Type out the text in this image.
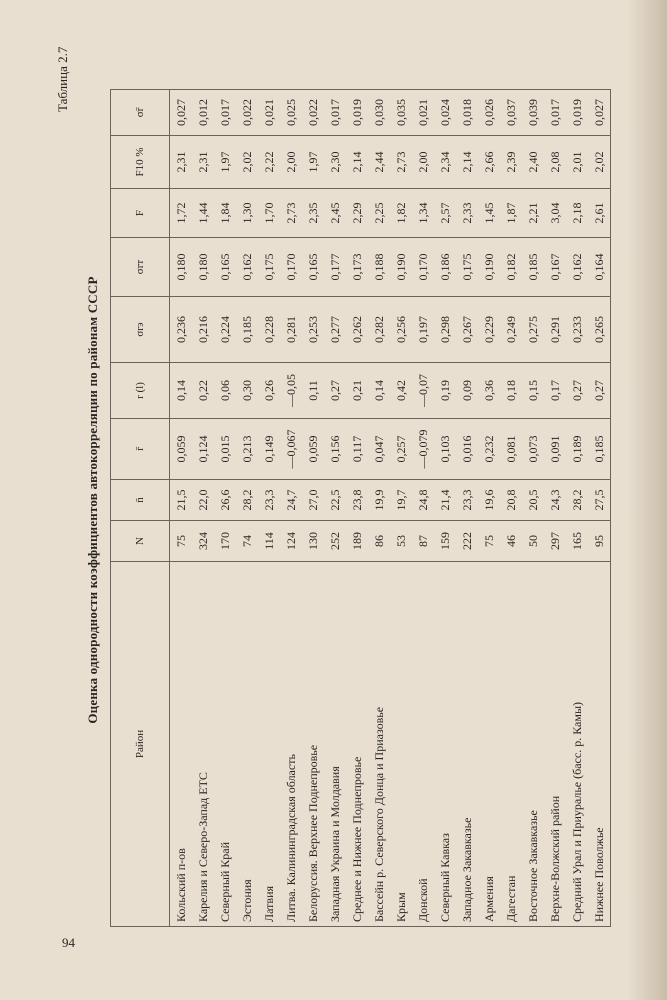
94
Таблица 2.7
Оценка однородности коэффициентов автокорреляции по районам СССР
Район	N	n̄	r̄	r (l)	σrэ	σrт	F	F10 %	σr̄
Кольский п-ов	75	21,5	0,059	0,14	0,236	0,180	1,72	2,31	0,027
Карелия и Северо-Запад ЕТС	324	22,0	0,124	0,22	0,216	0,180	1,44	2,31	0,012
Северный Край	170	26,6	0,015	0,06	0,224	0,165	1,84	1,97	0,017
Эстония	74	28,2	0,213	0,30	0,185	0,162	1,30	2,02	0,022
Латвия	114	23,3	0,149	0,26	0,228	0,175	1,70	2,22	0,021
Литва. Калининградская область	124	24,7	—0,067	—0,05	0,281	0,170	2,73	2,00	0,025
Белоруссия. Верхнее Поднепровье	130	27,0	0,059	0,11	0,253	0,165	2,35	1,97	0,022
Западная Украина и Молдавия	252	22,5	0,156	0,27	0,277	0,177	2,45	2,30	0,017
Среднее и Нижнее Поднепровье	189	23,8	0,117	0,21	0,262	0,173	2,29	2,14	0,019
Бассейн р. Северского Донца и Приазовье	86	19,9	0,047	0,14	0,282	0,188	2,25	2,44	0,030
Крым	53	19,7	0,257	0,42	0,256	0,190	1,82	2,73	0,035
Донской	87	24,8	—0,079	—0,07	0,197	0,170	1,34	2,00	0,021
Северный Кавказ	159	21,4	0,103	0,19	0,298	0,186	2,57	2,34	0,024
Западное Закавказье	222	23,3	0,016	0,09	0,267	0,175	2,33	2,14	0,018
Армения	75	19,6	0,232	0,36	0,229	0,190	1,45	2,66	0,026
Дагестан	46	20,8	0,081	0,18	0,249	0,182	1,87	2,39	0,037
Восточное Закавказье	50	20,5	0,073	0,15	0,275	0,185	2,21	2,40	0,039
Верхне-Волжский район	297	24,3	0,091	0,17	0,291	0,167	3,04	2,08	0,017
Средний Урал и Приуралье (басс. р. Камы)	165	28,2	0,189	0,27	0,233	0,162	2,18	2,01	0,019
Нижнее Поволжье	95	27,5	0,185	0,27	0,265	0,164	2,61	2,02	0,027
